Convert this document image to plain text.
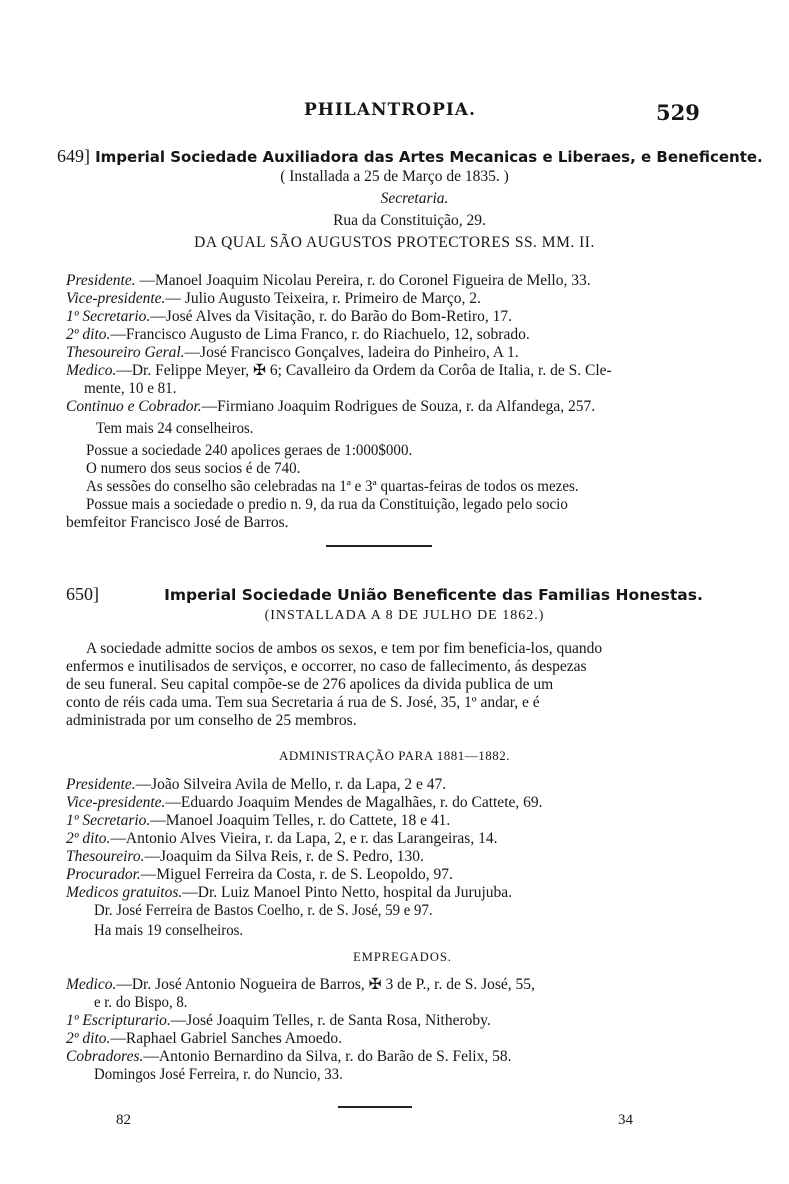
PHILANTROPIA.	529
649] Imperial Sociedade Auxiliadora das Artes Mecanicas e Liberaes, e Beneficente.
( Installada a 25 de Março de 1835. )
Secretaria.
Rua da Constituição, 29.
DA QUAL SÃO AUGUSTOS PROTECTORES SS. MM. II.
Presidente. —Manoel Joaquim Nicolau Pereira, r. do Coronel Figueira de Mello, 33.
Vice-presidente.— Julio Augusto Teixeira, r. Primeiro de Março, 2.
1º Secretario.—José Alves da Visitação, r. do Barão do Bom-Retiro, 17.
2º dito.—Francisco Augusto de Lima Franco, r. do Riachuelo, 12, sobrado.
Thesoureiro Geral.—José Francisco Gonçalves, ladeira do Pinheiro, A 1.
Medico.—Dr. Felippe Meyer, ✠ 6; Cavalleiro da Ordem da Corôa de Italia, r. de S. Cle-
mente, 10 e 81.
Continuo e Cobrador.—Firmiano Joaquim Rodrigues de Souza, r. da Alfandega, 257.
Tem mais 24 conselheiros.
Possue a sociedade 240 apolices geraes de 1:000$000.
O numero dos seus socios é de 740.
As sessões do conselho são celebradas na 1ª e 3ª quartas-feiras de todos os mezes.
Possue mais a sociedade o predio n. 9, da rua da Constituição, legado pelo socio
bemfeitor Francisco José de Barros.
650]	Imperial Sociedade União Beneficente das Familias Honestas.
(INSTALLADA A 8 DE JULHO DE 1862.)
A sociedade admitte socios de ambos os sexos, e tem por fim beneficia-los, quando
enfermos e inutilisados de serviços, e occorrer, no caso de fallecimento, ás despezas
de seu funeral. Seu capital compõe-se de 276 apolices da divida publica de um
conto de réis cada uma. Tem sua Secretaria á rua de S. José, 35, 1º andar, e é
administrada por um conselho de 25 membros.
ADMINISTRAÇÃO PARA 1881—1882.
Presidente.—João Silveira Avila de Mello, r. da Lapa, 2 e 47.
Vice-presidente.—Eduardo Joaquim Mendes de Magalhães, r. do Cattete, 69.
1º Secretario.—Manoel Joaquim Telles, r. do Cattete, 18 e 41.
2º dito.—Antonio Alves Vieira, r. da Lapa, 2, e r. das Larangeiras, 14.
Thesoureiro.—Joaquim da Silva Reis, r. de S. Pedro, 130.
Procurador.—Miguel Ferreira da Costa, r. de S. Leopoldo, 97.
Medicos gratuitos.—Dr. Luiz Manoel Pinto Netto, hospital da Jurujuba.
Dr. José Ferreira de Bastos Coelho, r. de S. José, 59 e 97.
Ha mais 19 conselheiros.
EMPREGADOS.
Medico.—Dr. José Antonio Nogueira de Barros, ✠ 3 de P., r. de S. José, 55,
e r. do Bispo, 8.
1º Escripturario.—José Joaquim Telles, r. de Santa Rosa, Nitheroby.
2º dito.—Raphael Gabriel Sanches Amoedo.
Cobradores.—Antonio Bernardino da Silva, r. do Barão de S. Felix, 58.
Domingos José Ferreira, r. do Nuncio, 33.
82	34
